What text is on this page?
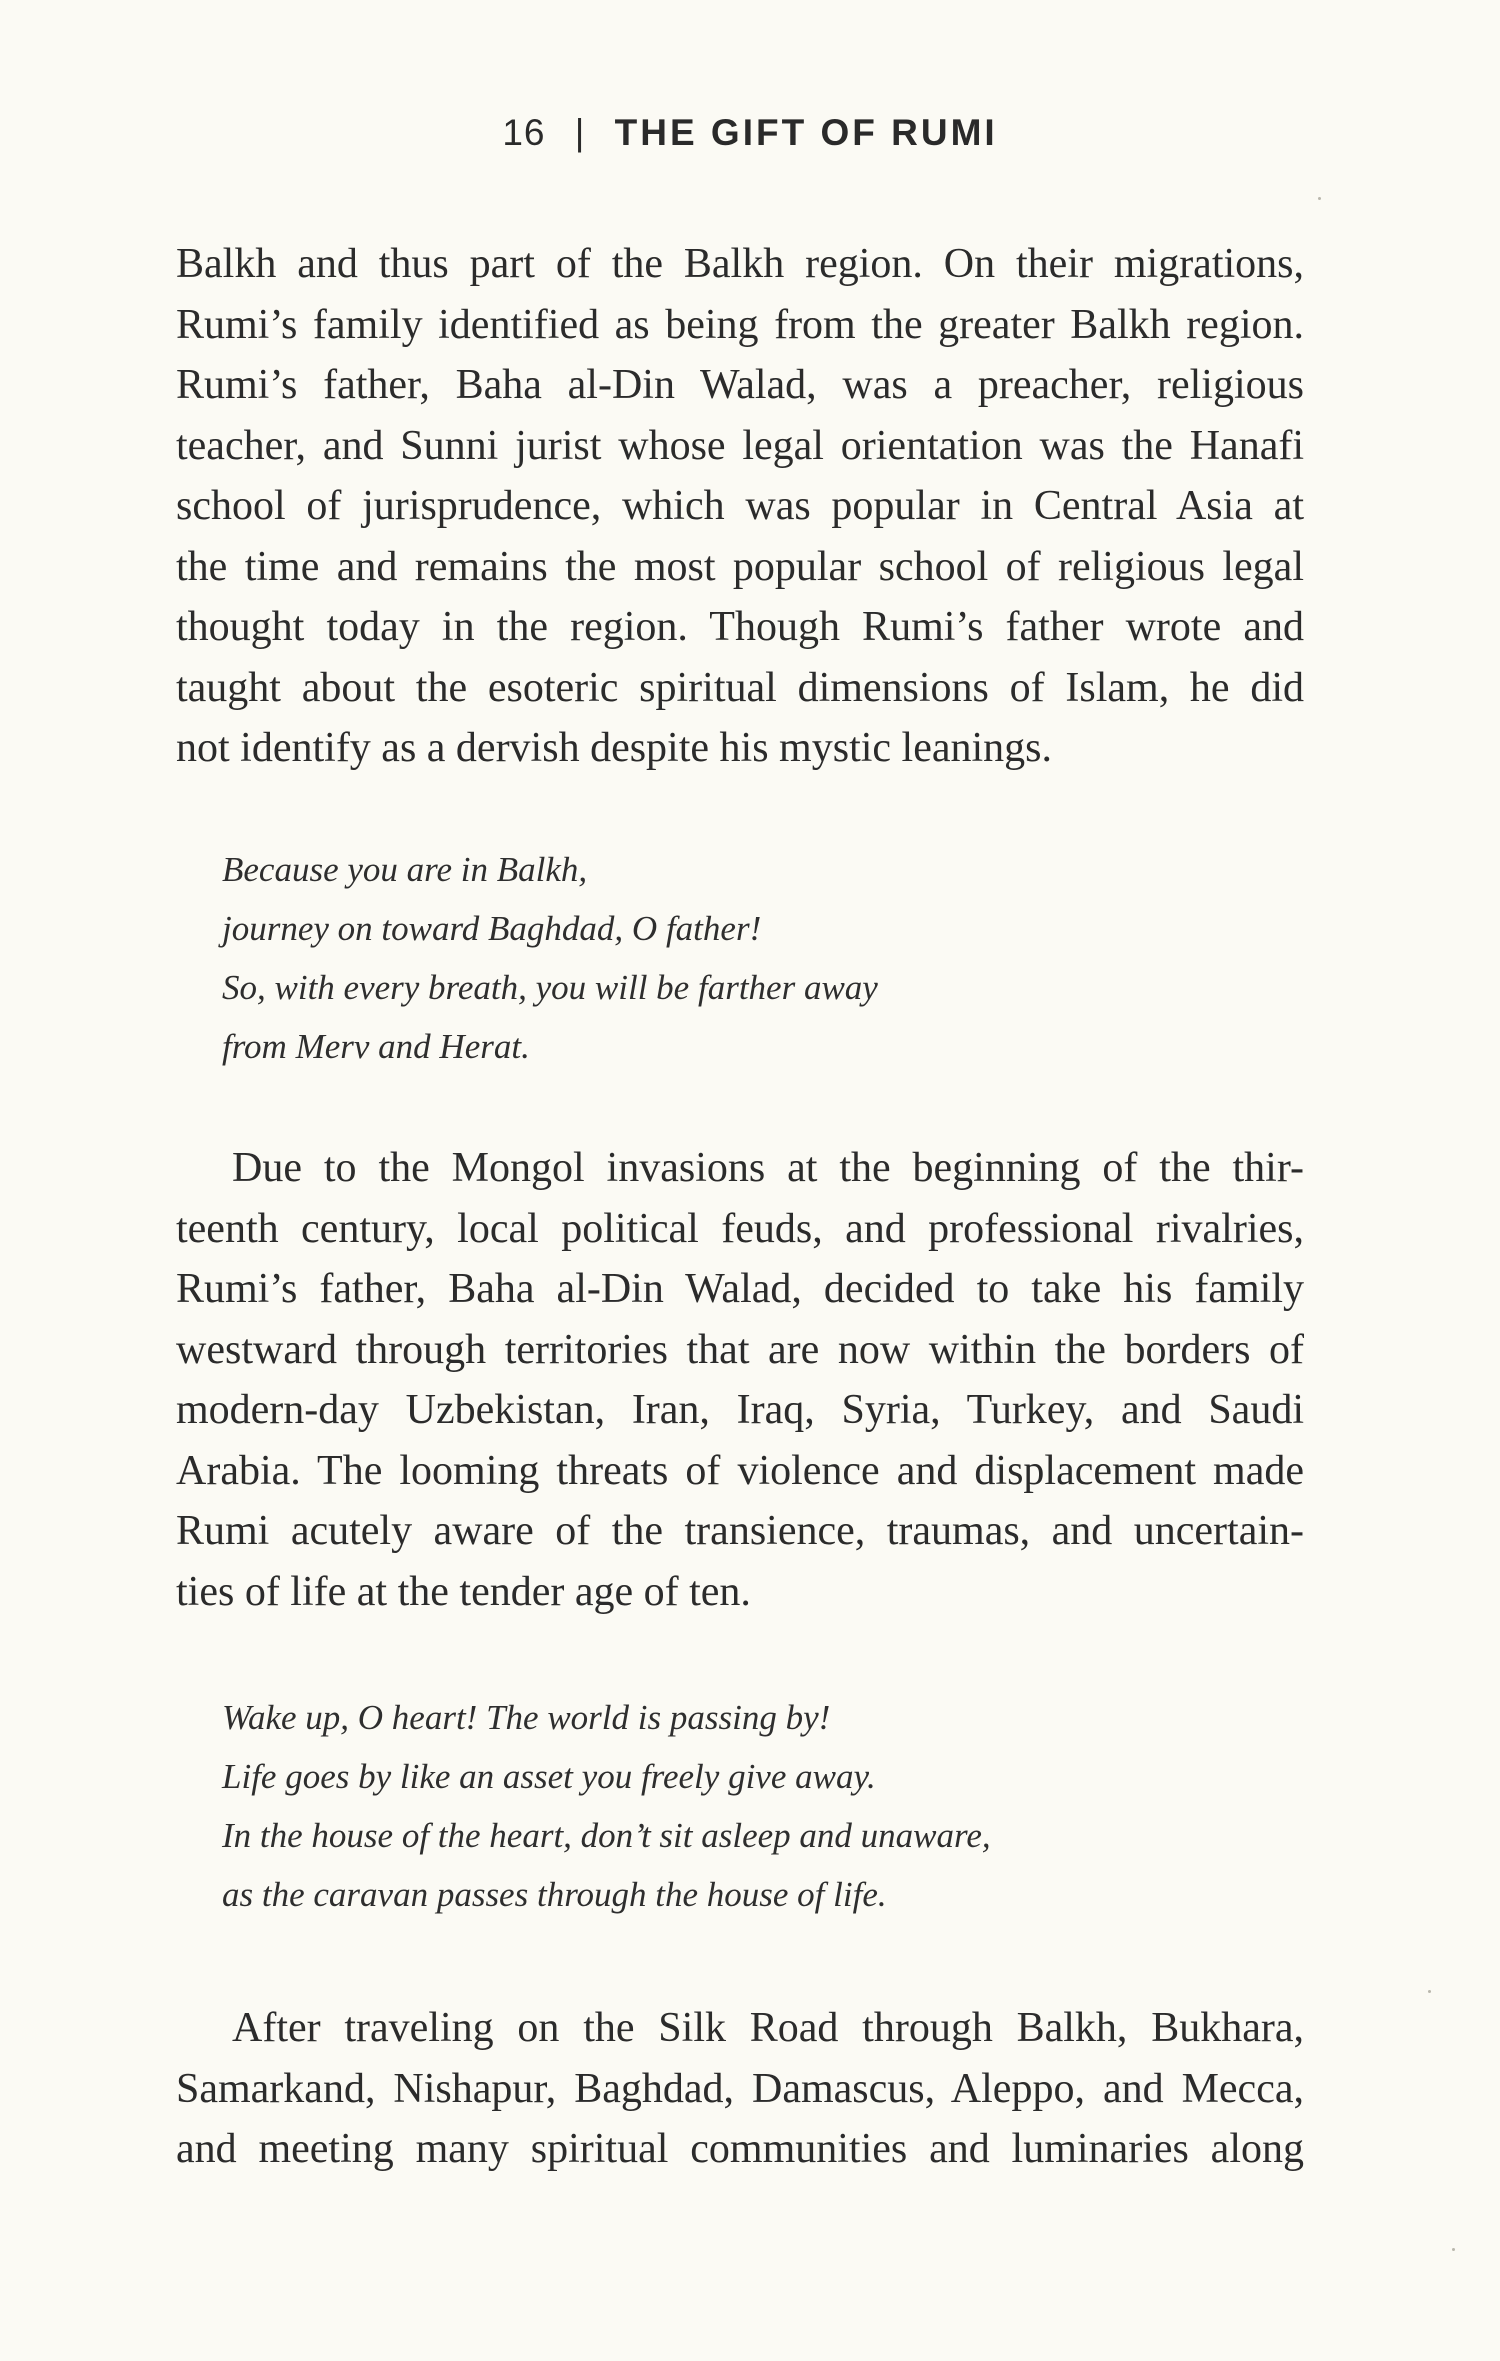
16 | THE GIFT OF RUMI
Balkh and thus part of the Balkh region. On their migrations,
Rumi’s family identified as being from the greater Balkh region.
Rumi’s father, Baha al-Din Walad, was a preacher, religious
teacher, and Sunni jurist whose legal orientation was the Hanafi
school of jurisprudence, which was popular in Central Asia at
the time and remains the most popular school of religious legal
thought today in the region. Though Rumi’s father wrote and
taught about the esoteric spiritual dimensions of Islam, he did
not identify as a dervish despite his mystic leanings.
Because you are in Balkh,
journey on toward Baghdad, O father!
So, with every breath, you will be farther away
from Merv and Herat.
Due to the Mongol invasions at the beginning of the thir-
teenth century, local political feuds, and professional rivalries,
Rumi’s father, Baha al-Din Walad, decided to take his family
westward through territories that are now within the borders of
modern-day Uzbekistan, Iran, Iraq, Syria, Turkey, and Saudi
Arabia. The looming threats of violence and displacement made
Rumi acutely aware of the transience, traumas, and uncertain-
ties of life at the tender age of ten.
Wake up, O heart! The world is passing by!
Life goes by like an asset you freely give away.
In the house of the heart, don’t sit asleep and unaware,
as the caravan passes through the house of life.
After traveling on the Silk Road through Balkh, Bukhara,
Samarkand, Nishapur, Baghdad, Damascus, Aleppo, and Mecca,
and meeting many spiritual communities and luminaries along
